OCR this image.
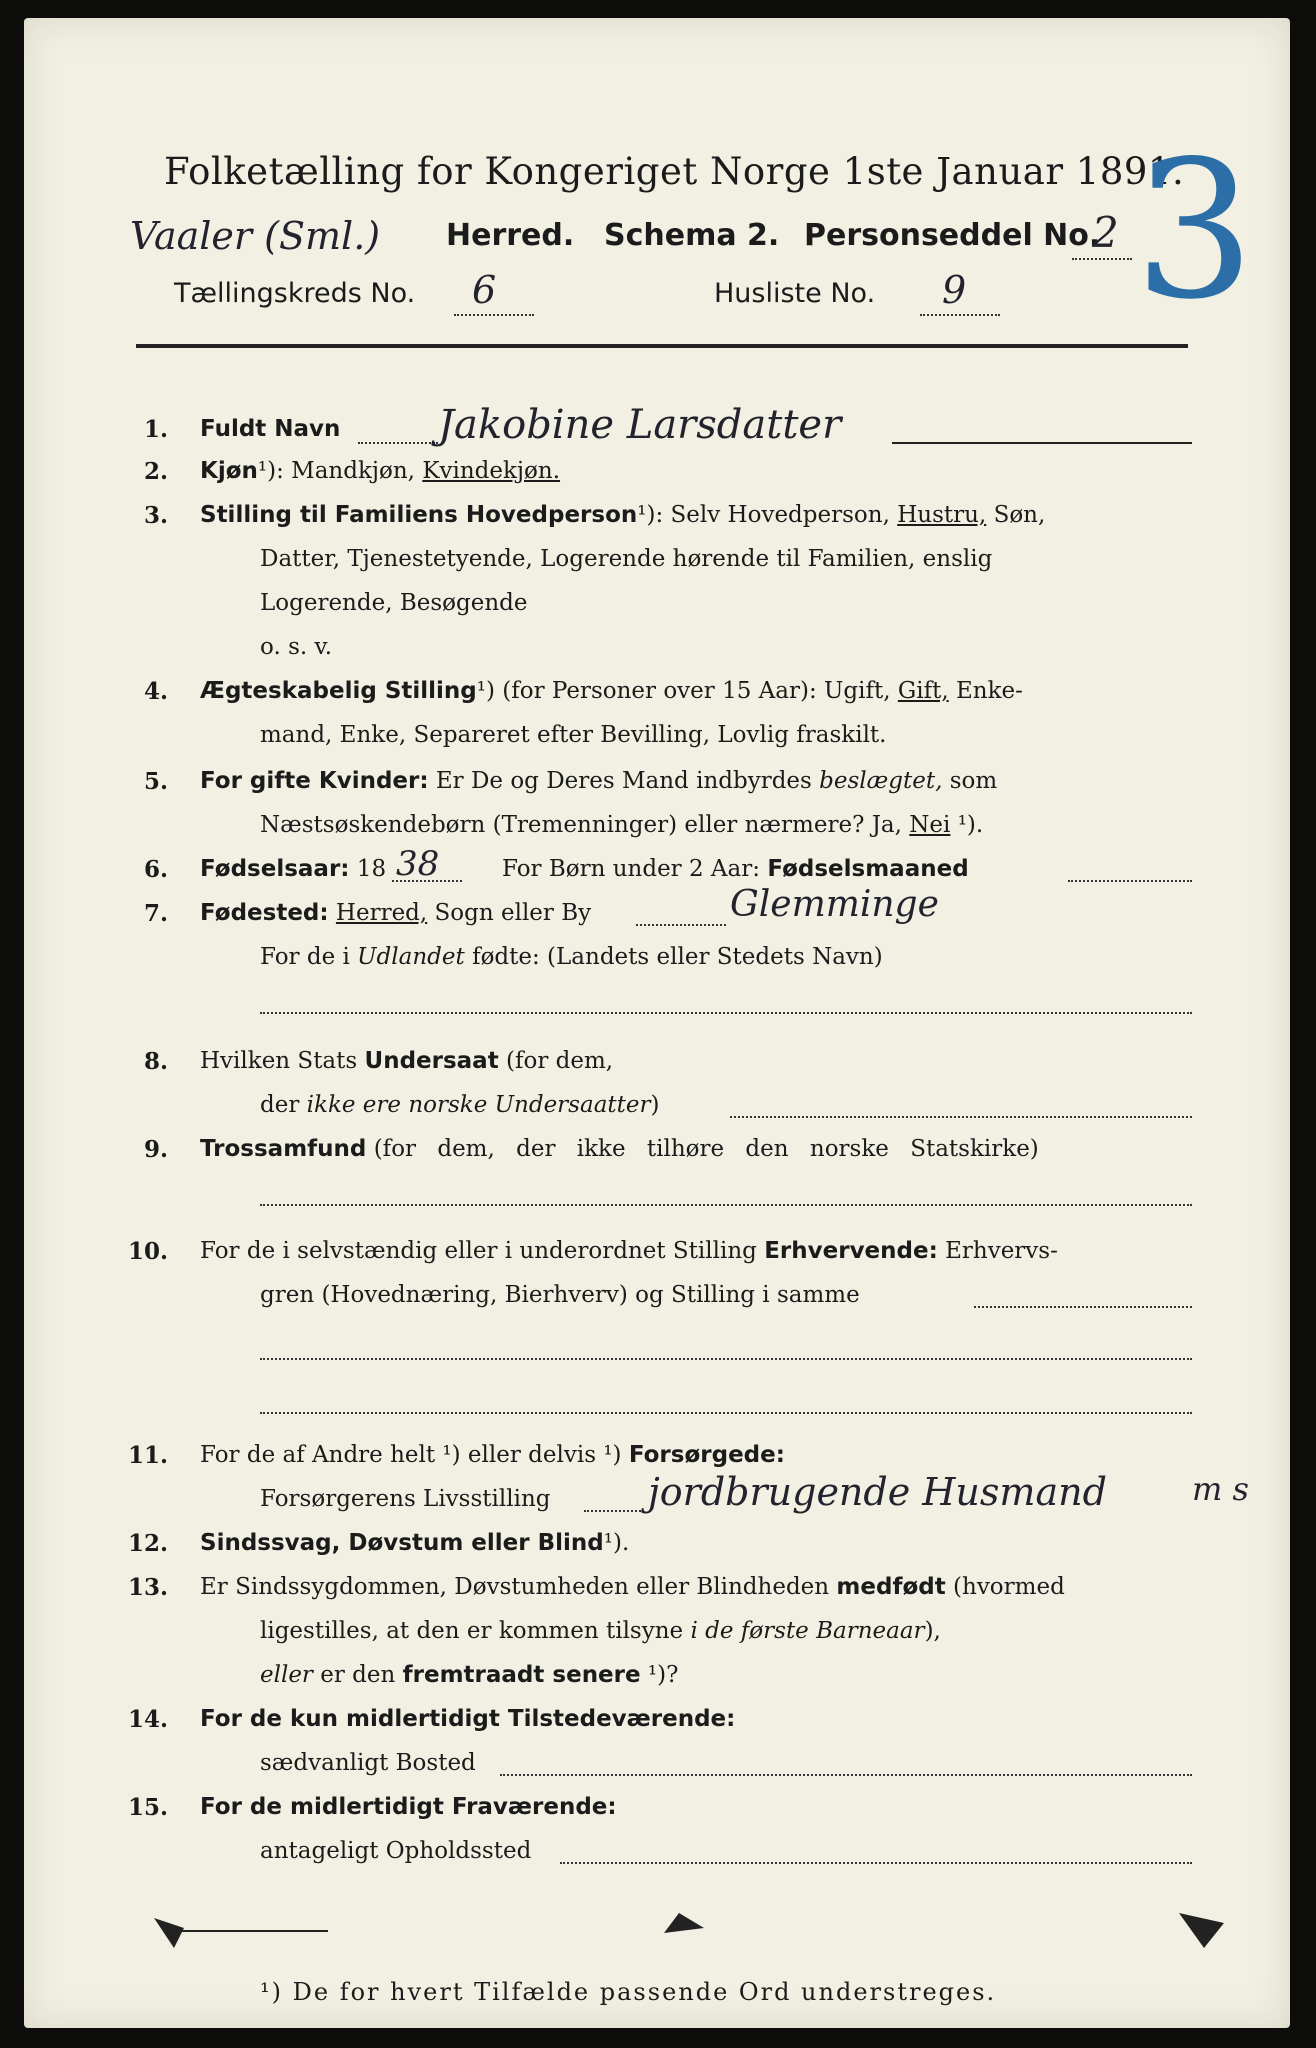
Folketælling for Kongeriget Norge 1ste Januar 1891.
Vaaler (Sml.) Herred. Schema 2. Personseddel No.
2
Tællingskreds No. 6	Husliste No. 9 3
1. Fuldt Navn Jakobine Larsdatter
2. Kjøn¹): Mandkjøn, Kvindekjøn.
3. Stilling til Familiens Hovedperson¹): Selv Hovedperson, Hustru, Søn,
Datter, Tjenestetyende, Logerende hørende til Familien, enslig
Logerende, Besøgende
o. s. v.
4. Ægteskabelig Stilling¹) (for Personer over 15 Aar): Ugift, Gift, Enke-
mand, Enke, Separeret efter Bevilling, Lovlig fraskilt.
5. For gifte Kvinder: Er De og Deres Mand indbyrdes beslægtet, som
Næstsøskendebørn (Tremenninger) eller nærmere? Ja, Nei ¹).
6. Fødselsaar: 18 38	For Børn under 2 Aar: Fødselsmaaned
7. Fødested: Herred, Sogn eller By	Glemminge
For de i Udlandet fødte: (Landets eller Stedets Navn)
8. Hvilken Stats Undersaat (for dem,
der ikke ere norske Undersaatter)
9. Trossamfund (for dem, der ikke tilhøre den norske Statskirke)
10. For de i selvstændig eller i underordnet Stilling Erhvervende: Erhvervs-
gren (Hovednæring, Bierhverv) og Stilling i samme
11. For de af Andre helt ¹) eller delvis ¹) Forsørgede:
Forsørgerens Livsstilling	jordbrugende Husmand	m s
12. Sindssvag, Døvstum eller Blind¹).
13. Er Sindssygdommen, Døvstumheden eller Blindheden medfødt (hvormed
ligestilles, at den er kommen tilsyne i de første Barneaar),
eller er den fremtraadt senere ¹)?
14. For de kun midlertidigt Tilstedeværende:
sædvanligt Bosted
15. For de midlertidigt Fraværende:
antageligt Opholdssted
¹) De for hvert Tilfælde passende Ord understreges.
